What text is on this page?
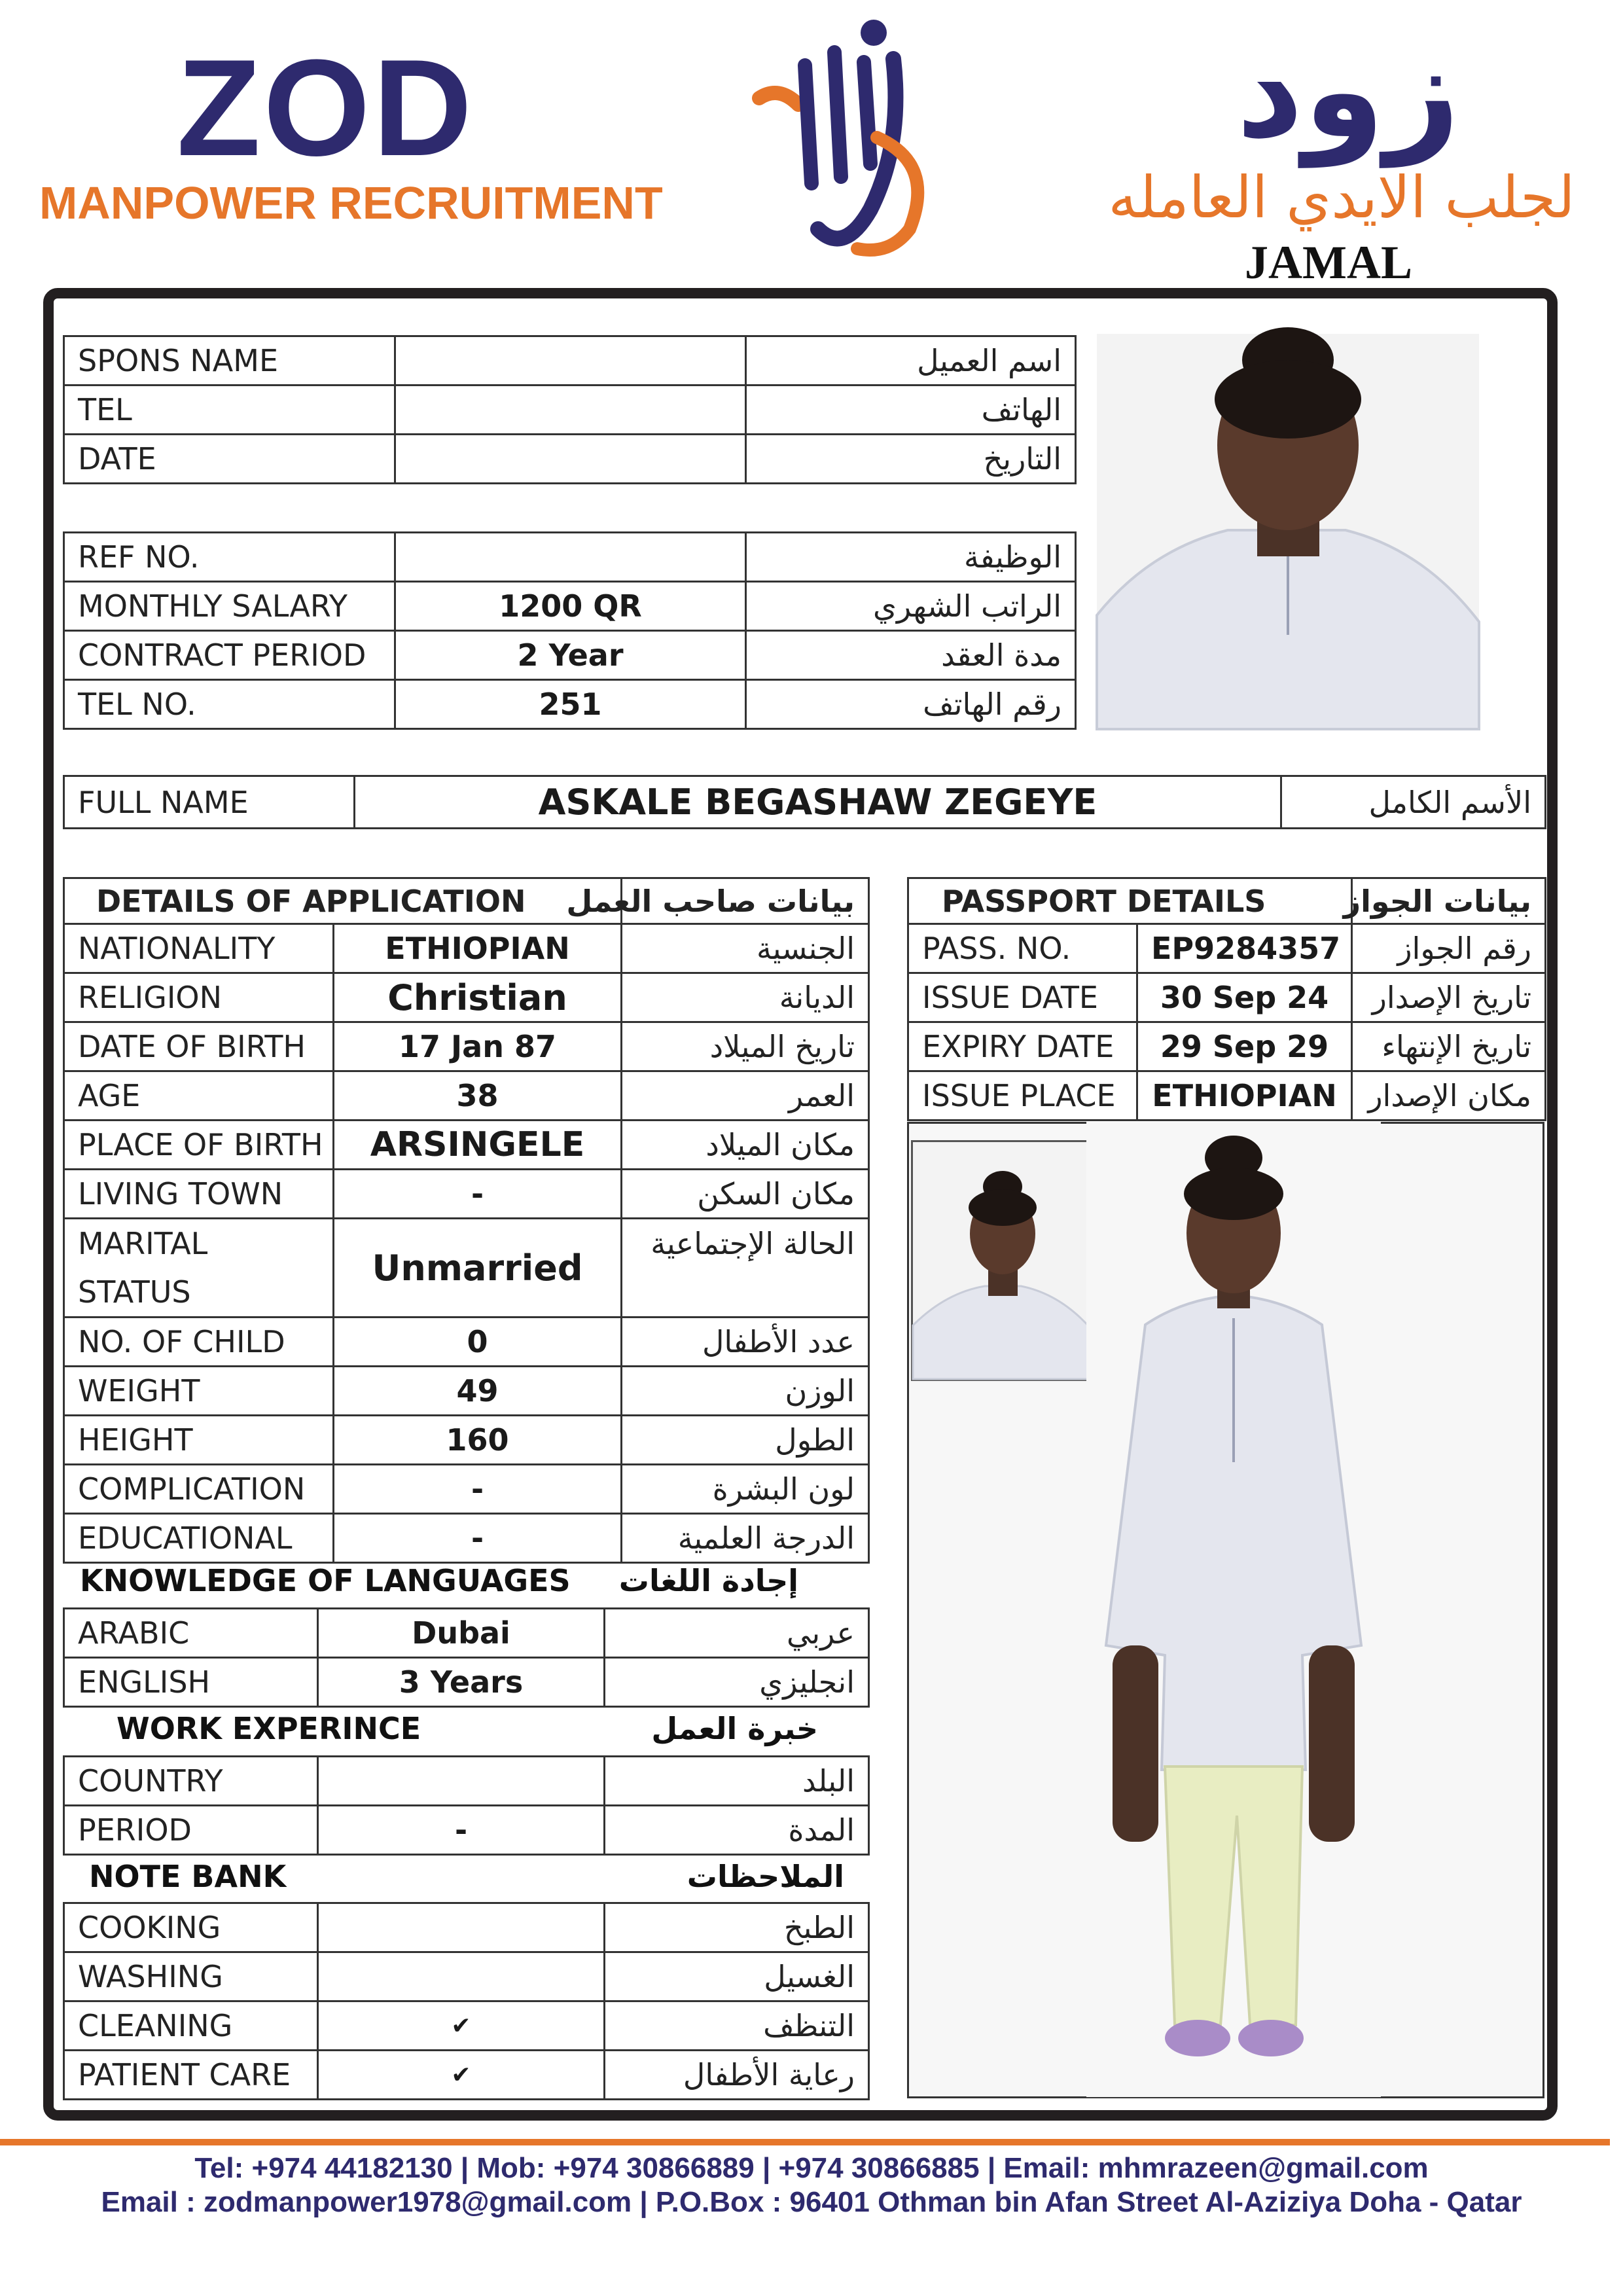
ZOD
MANPOWER RECRUITMENT
زود
لجلب الايدي العامله
JAMAL
SPONS NAME		اسم العميل
TEL		الهاتف
DATE		التاريخ
REF NO.		الوظيفة
MONTHLY SALARY	1200 QR	الراتب الشهري
CONTRACT PERIOD	2 Year	مدة العقد
TEL NO.	251	رقم الهاتف
FULL NAME	ASKALE BEGASHAW ZEGEYE	الأسم الكامل
DETAILS OF APPLICATION		بيانات صاحب العمل
NATIONALITY	ETHIOPIAN	الجنسية
RELIGION	Christian	الديانة
DATE OF BIRTH	17 Jan 87	تاريخ الميلاد
AGE	38	العمر
PLACE OF BIRTH	ARSINGELE	مكان الميلاد
LIVING TOWN	-	مكان السكن
MARITAL STATUS	Unmarried	الحالة الإجتماعية
NO. OF CHILD	0	عدد الأطفال
WEIGHT	49	الوزن
HEIGHT	160	الطول
COMPLICATION	-	لون البشرة
EDUCATIONAL	-	الدرجة العلمية
KNOWLEDGE OF LANGUAGES	إجادة اللغات
ARABIC	Dubai	عربي
ENGLISH	3 Years	انجليزي
WORK EXPERINCE	خبرة العمل
COUNTRY		البلد
PERIOD	-	المدة
NOTE BANK	الملاحظات
COOKING		الطبخ
WASHING		الغسيل
CLEANING	✔	التنظف
PATIENT CARE	✔	رعاية الأطفال
PASSPORT DETAILS		بيانات الجواز
PASS. NO.	EP9284357	رقم الجواز
ISSUE DATE	30 Sep 24	تاريخ الإصدار
EXPIRY DATE	29 Sep 29	تاريخ الإنتهاء
ISSUE PLACE	ETHIOPIAN	مكان الإصدار
Tel: +974 44182130 | Mob: +974 30866889 | +974 30866885 | Email: mhmrazeen@gmail.com
Email : zodmanpower1978@gmail.com | P.O.Box : 96401 Othman bin Afan Street Al-Aziziya Doha - Qatar
